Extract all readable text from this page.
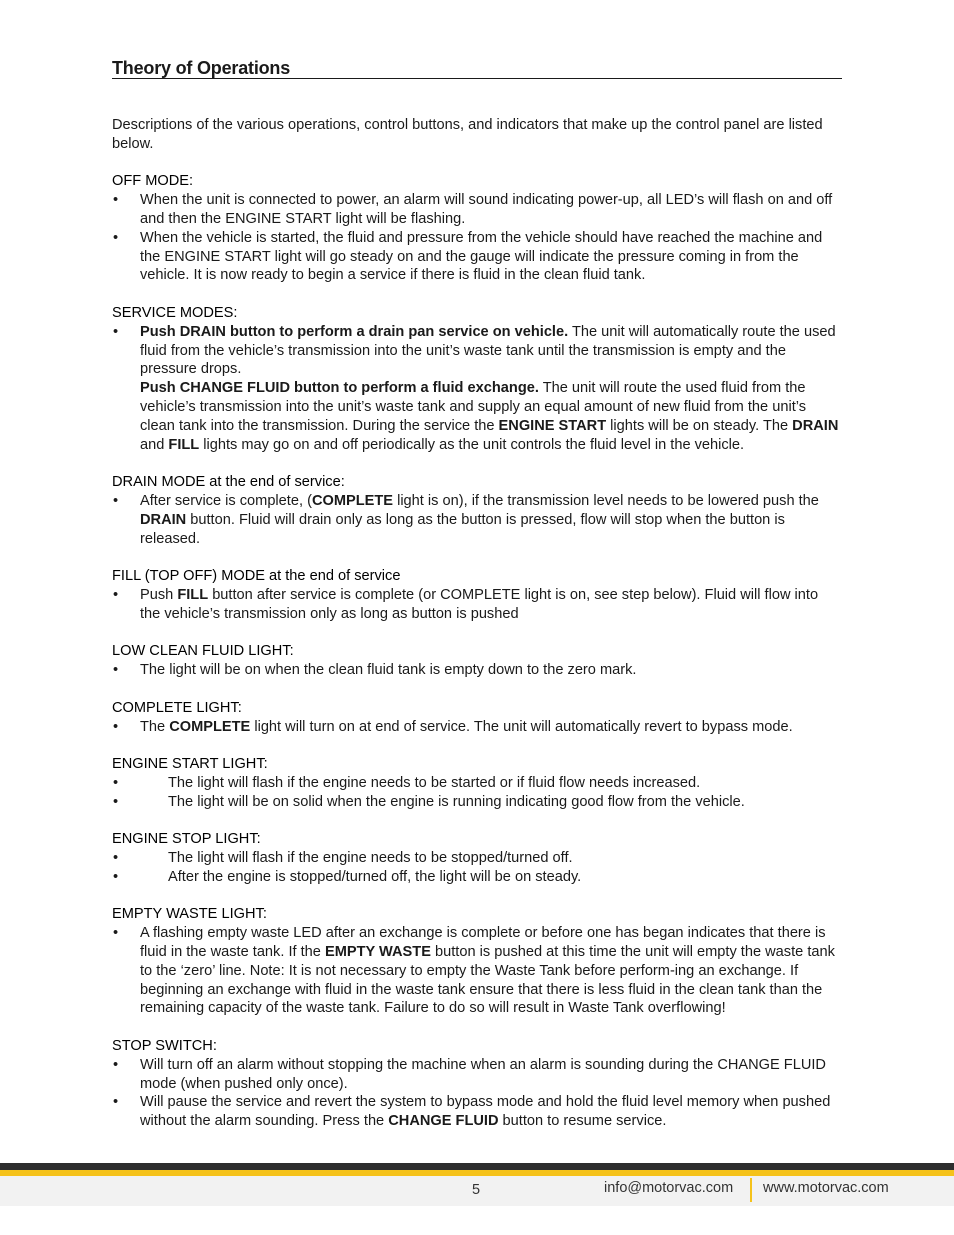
Theory of Operations

Descriptions of the various operations, control buttons, and indicators that make up the control panel are listed below.

OFF MODE:

• When the unit is connected to power, an alarm will sound indicating power-up, all LED’s will flash on and off and then the ENGINE START light will be flashing.
• When the vehicle is started, the fluid and pressure from the vehicle should have reached the machine and the ENGINE START light will go steady on and the gauge will indicate the pressure coming in from the vehicle. It is now ready to begin a service if there is fluid in the clean fluid tank.

SERVICE MODES:

• Push DRAIN button to perform a drain pan service on vehicle. The unit will automatically route the used fluid from the vehicle’s transmission into the unit’s waste tank until the transmission is empty and the pressure drops.

Push CHANGE FLUID button to perform a fluid exchange. The unit will route the used fluid from the vehicle’s transmission into the unit’s waste tank and supply an equal amount of new fluid from the unit’s clean tank into the transmission. During the service the ENGINE START lights will be on steady. The DRAIN and FILL lights may go on and off periodically as the unit controls the fluid level in the vehicle.

DRAIN MODE at the end of service:

• After service is complete, (COMPLETE light is on), if the transmission level needs to be lowered push the DRAIN button. Fluid will drain only as long as the button is pressed, flow will stop when the button is released.

FILL (TOP OFF) MODE at the end of service

• Push FILL button after service is complete (or COMPLETE light is on, see step below). Fluid will flow into the vehicle’s transmission only as long as button is pushed

LOW CLEAN FLUID LIGHT:

• The light will be on when the clean fluid tank is empty down to the zero mark.

COMPLETE LIGHT:

• The COMPLETE light will turn on at end of service. The unit will automatically revert to bypass mode.

ENGINE START LIGHT:

• The light will flash if the engine needs to be started or if fluid flow needs increased.
• The light will be on solid when the engine is running indicating good flow from the vehicle.

ENGINE STOP LIGHT:

• The light will flash if the engine needs to be stopped/turned off.
• After the engine is stopped/turned off, the light will be on steady.

EMPTY WASTE LIGHT:

• A flashing empty waste LED after an exchange is complete or before one has began indicates that there is fluid in the waste tank. If the EMPTY WASTE button is pushed at this time the unit will empty the waste tank to the ‘zero’ line. Note: It is not necessary to empty the Waste Tank before perform-ing an exchange. If beginning an exchange with fluid in the waste tank ensure that there is less fluid in the clean tank than the remaining capacity of the waste tank. Failure to do so will result in Waste Tank overflowing!

STOP SWITCH:

• Will turn off an alarm without stopping the machine when an alarm is sounding during the CHANGE FLUID mode (when pushed only once).
• Will pause the service and revert the system to bypass mode and hold the fluid level memory when pushed without the alarm sounding. Press the CHANGE FLUID button to resume service.
5	info@motorvac.com www.motorvac.com
